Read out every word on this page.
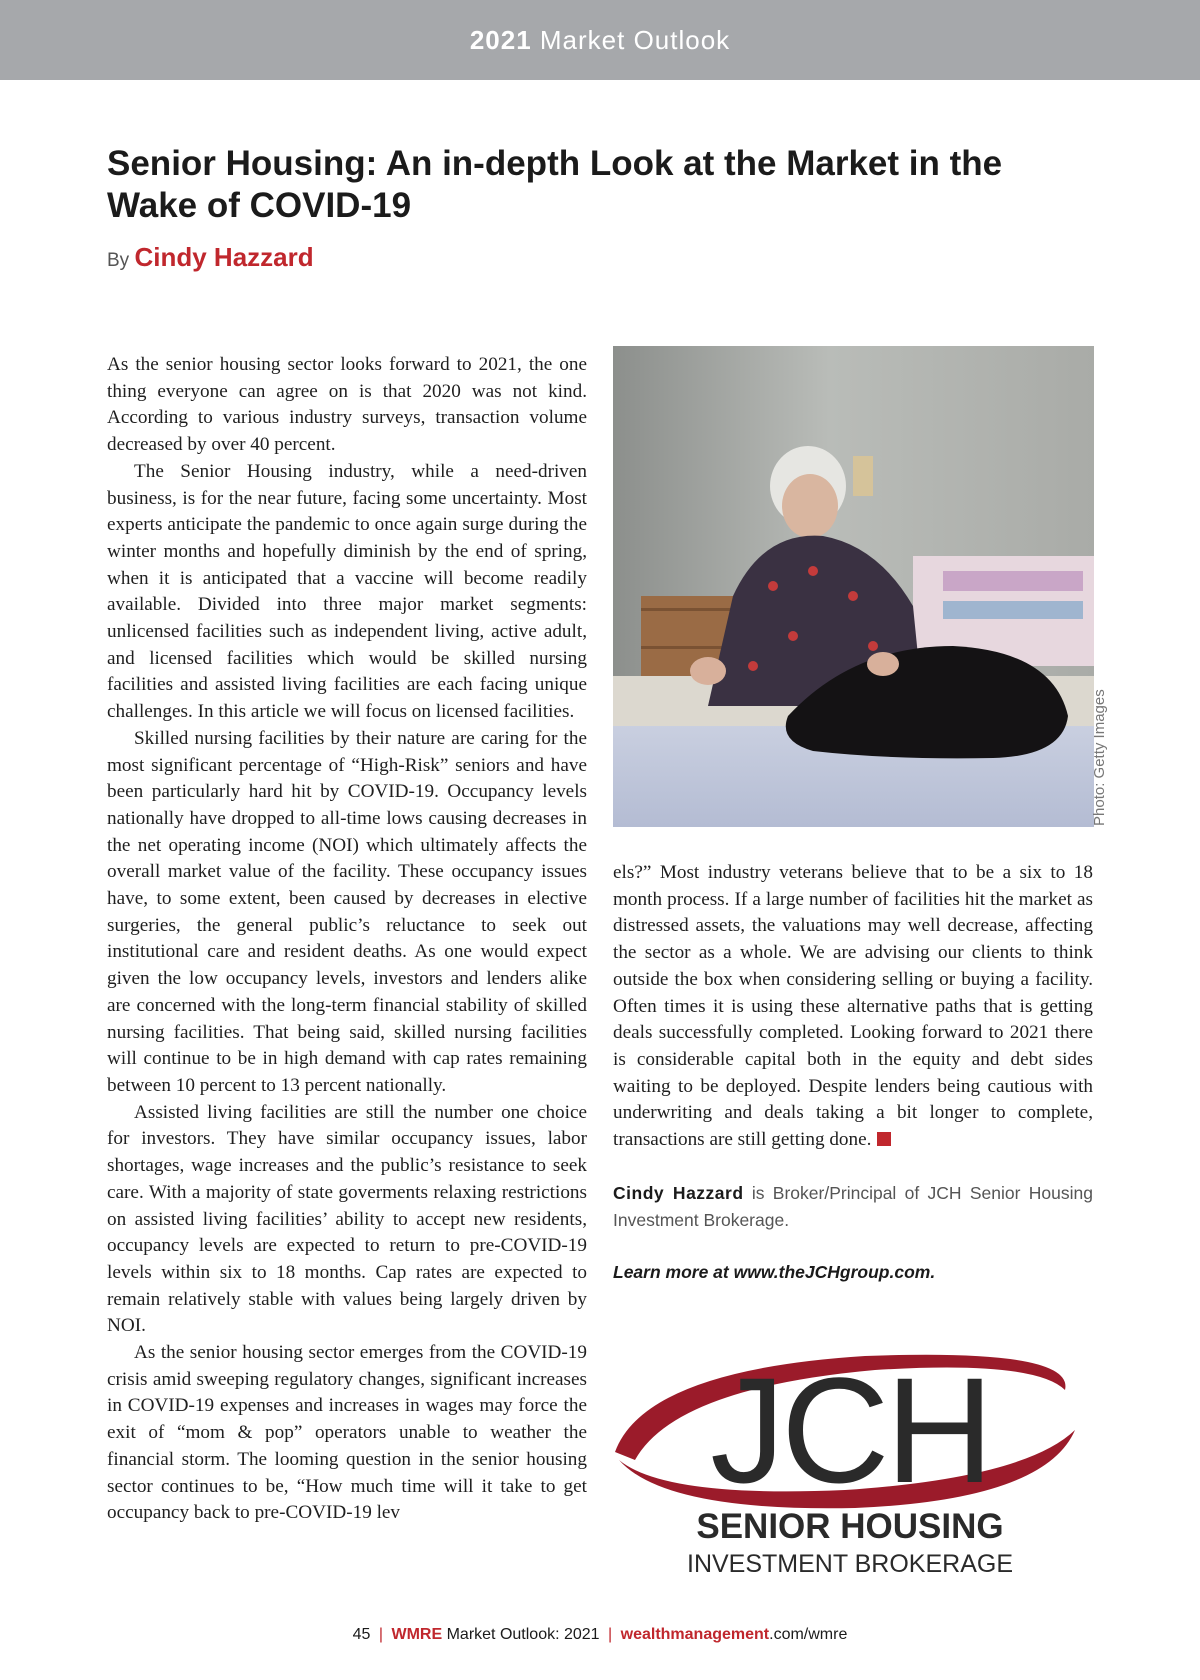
2021 Market Outlook
Senior Housing: An in-depth Look at the Market in the Wake of COVID-19
By Cindy Hazzard

As the senior housing sector looks forward to 2021, the one thing everyone can agree on is that 2020 was not kind. According to various industry surveys, transaction volume decreased by over 40 percent.

The Senior Housing industry, while a need-driven business, is for the near future, facing some uncertainty. Most experts anticipate the pandemic to once again surge during the winter months and hopefully diminish by the end of spring, when it is anticipated that a vaccine will become readily available. Divided into three major market segments: unlicensed facilities such as independent living, active adult, and licensed facilities which would be skilled nursing facilities and assisted living facilities are each facing unique challenges. In this article we will focus on licensed facilities.

Skilled nursing facilities by their nature are caring for the most significant percentage of “High-Risk” seniors and have been particularly hard hit by COVID-19. Occupancy levels nationally have dropped to all-time lows causing decreases in the net operating income (NOI) which ultimately affects the overall market value of the facility. These occupancy issues have, to some extent, been caused by decreases in elective surgeries, the general public’s reluctance to seek out institutional care and resident deaths. As one would expect given the low occupancy levels, investors and lenders alike are concerned with the long-term financial stability of skilled nursing facilities. That being said, skilled nursing facilities will continue to be in high demand with cap rates remaining between 10 percent to 13 percent nationally.

Assisted living facilities are still the number one choice for investors. They have similar occupancy issues, labor shortages, wage increases and the public’s resistance to seek care. With a majority of state goverments relaxing restrictions on assisted living facilities’ ability to accept new residents, occupancy levels are expected to return to pre-COVID-19 levels within six to 18 months. Cap rates are expected to remain relatively stable with values being largely driven by NOI.

As the senior housing sector emerges from the COVID-19 crisis amid sweeping regulatory changes, significant increases in COVID-19 expenses and increases in wages may force the exit of “mom & pop” operators unable to weather the financial storm. The looming question in the senior housing sector continues to be, “How much time will it take to get occupancy back to pre-COVID-19 lev

Photo: Getty Images

els?” Most industry veterans believe that to be a six to 18 month process. If a large number of facilities hit the market as distressed assets, the valuations may well decrease, affecting the sector as a whole. We are advising our clients to think outside the box when considering selling or buying a facility. Often times it is using these alternative paths that is getting deals successfully completed. Looking forward to 2021 there is considerable capital both in the equity and debt sides waiting to be deployed. Despite lenders being cautious with underwriting and deals taking a bit longer to complete, transactions are still getting done.

Cindy Hazzard is Broker/Principal of JCH Senior Housing Investment Brokerage.
Learn more at www.theJCHgroup.com.
JCH
SENIOR HOUSING
INVESTMENT BROKERAGE
45 | WMRE Market Outlook: 2021 | wealthmanagement.com/wmre
